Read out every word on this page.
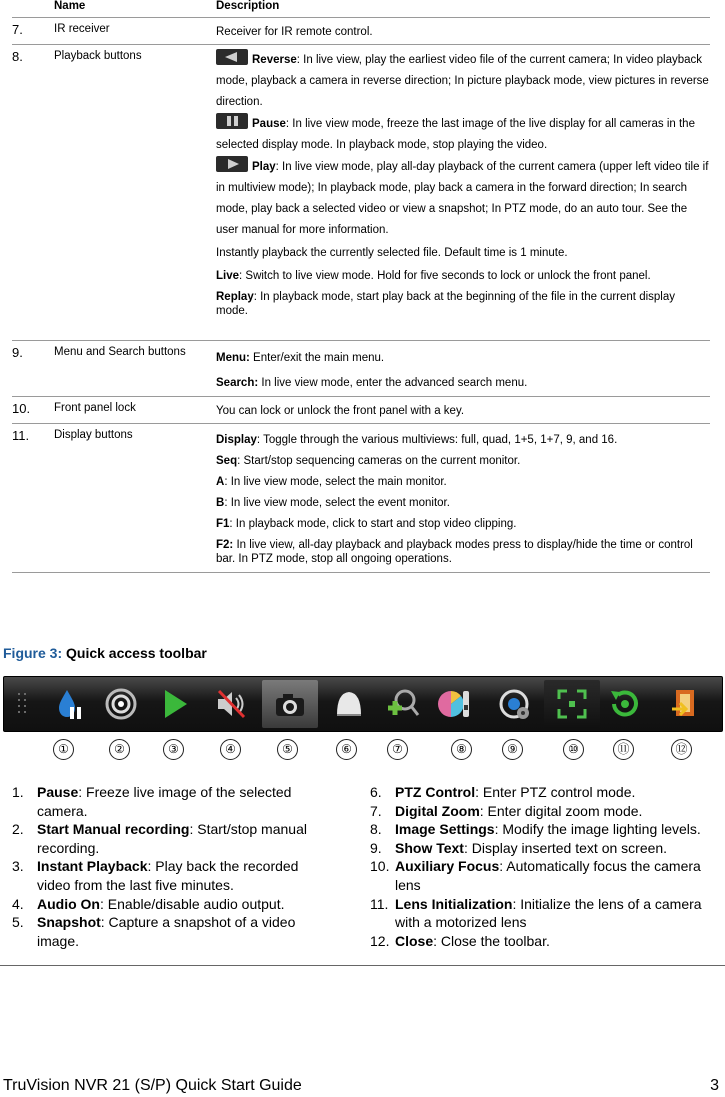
Name	Description
7.	IR receiver	Receiver for IR remote control.
8.	Playback buttons	Reverse: In live view, play the earliest video file of the current camera; In video playback mode, playback a camera in reverse direction; In picture playback mode, view pictures in reverse direction.

Pause: In live view mode, freeze the last image of the live display for all cameras in the selected display mode. In playback mode, stop playing the video.

Play: In live view mode, play all-day playback of the current camera (upper left video tile if in multiview mode); In playback mode, play back a camera in the forward direction; In search mode, play back a selected video or view a snapshot; In PTZ mode, do an auto tour. See the user manual for more information.

Instantly playback the currently selected file. Default time is 1 minute.

Live: Switch to live view mode. Hold for five seconds to lock or unlock the front panel.

Replay: In playback mode, start play back at the beginning of the file in the current display mode.

9.	Menu and Search buttons	Menu: Enter/exit the main menu.

Search: In live view mode, enter the advanced search menu.

10.	Front panel lock	You can lock or unlock the front panel with a key.
11.	Display buttons	Display: Toggle through the various multiviews: full, quad, 1+5, 1+7, 9, and 16.

Seq: Start/stop sequencing cameras on the current monitor.

A: In live view mode, select the main monitor.

B: In live view mode, select the event monitor.

F1: In playback mode, click to start and stop video clipping.

F2: In live view, all-day playback and playback modes press to display/hide the time or control bar. In PTZ mode, stop all ongoing operations.

Figure 3: Quick access toolbar
①	②	③	④	⑤	⑥	⑦	⑧	⑨	⑩	⑪	⑫
1. Pause: Freeze live image of the selected camera.
2. Start Manual recording: Start/stop manual recording.
3. Instant Playback: Play back the recorded video from the last five minutes.
4. Audio On: Enable/disable audio output.
5. Snapshot: Capture a snapshot of a video image.
6. PTZ Control: Enter PTZ control mode.
7. Digital Zoom: Enter digital zoom mode.
8. Image Settings: Modify the image lighting levels.
9. Show Text: Display inserted text on screen.
10. Auxiliary Focus: Automatically focus the camera lens
11. Lens Initialization: Initialize the lens of a camera with a motorized lens
12. Close: Close the toolbar.
TruVision NVR 21 (S/P) Quick Start Guide	3
